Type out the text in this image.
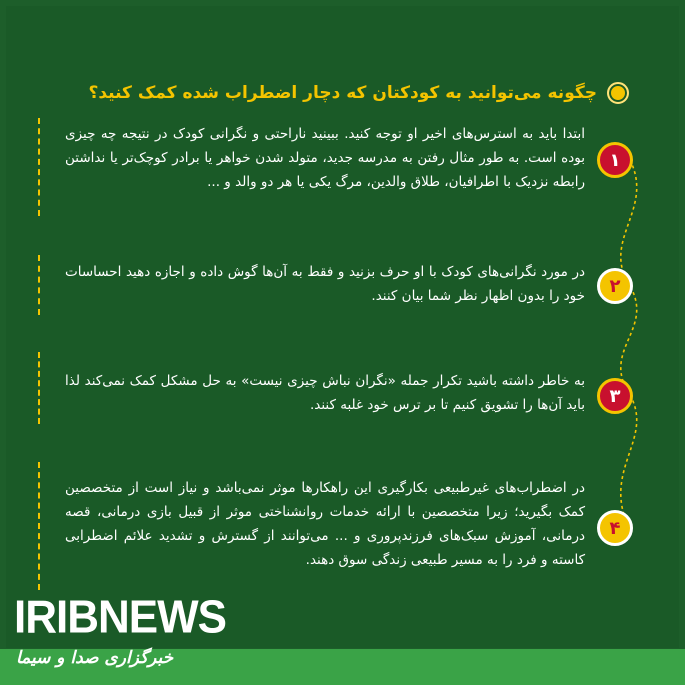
چگونه می‌توانید به کودکتان که دچار اضطراب شده کمک کنید؟
ابتدا باید به استرس‌های اخیر او توجه کنید. ببینید ناراحتی و نگرانی کودک در نتیجه چه چیزی بوده است. به طور مثال رفتن به مدرسه جدید، متولد شدن خواهر یا برادر کوچک‌تر یا نداشتن رابطه نزدیک با اطرافیان، طلاق والدین، مرگ یکی یا هر دو والد و ...
۱
در مورد نگرانی‌های کودک با او حرف بزنید و فقط به آن‌ها گوش داده و اجازه دهید احساسات خود را بدون اظهار نظر شما بیان کنند.	۲
به خاطر داشته باشید تکرار جمله «نگران نباش چیزی نیست» به حل مشکل کمک نمی‌کند لذا باید آن‌ها را تشویق کنیم تا بر ترس خود غلبه کنند.	۳
در اضطراب‌های غیرطبیعی بکارگیری این راهکارها موثر نمی‌باشد و نیاز است از متخصصین کمک بگیرید؛ زیرا متخصصین با ارائه خدمات روانشناختی موثر از قبیل بازی درمانی، قصه درمانی، آموزش سبک‌های فرزندپروری و ... می‌توانند از گسترش و تشدید علائم اضطرابی کاسته و فرد را به مسیر طبیعی زندگی سوق دهند.
۴
IRIBNEWS
خبرگزاری صدا و سیما
